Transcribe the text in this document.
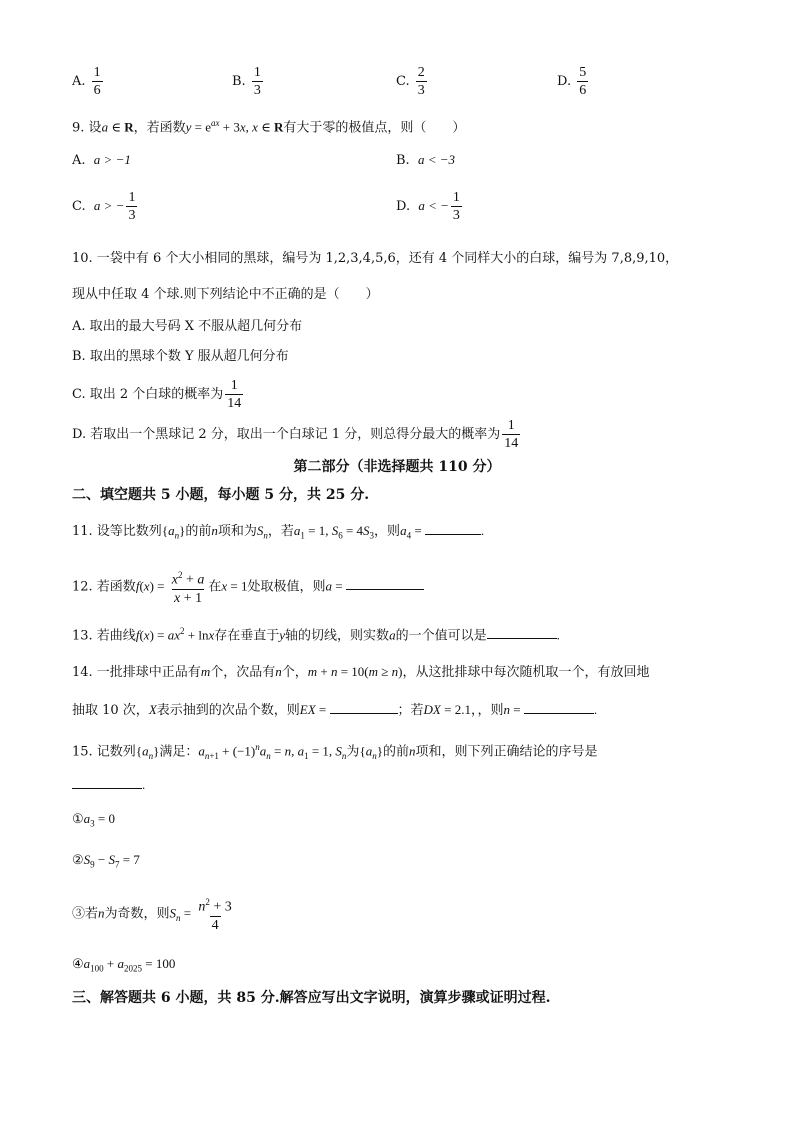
A. $\frac{1}{6}$	B. $\frac{1}{3}$	C. $\frac{2}{3}$	D. $\frac{5}{6}$
9. 设a ∈ R，若函数$y = e^{ax} + 3x$, x ∈ R有大于零的极值点，则（　　）
A. a > −1	B. a < −3
C. a > − $\frac{1}{3}$	D. a < − $\frac{1}{3}$
10. 一袋中有 6 个大小相同的黑球，编号为 1,2,3,4,5,6，还有 4 个同样大小的白球，编号为 7,8,9,10，
现从中任取 4 个球.则下列结论中不正确的是（　　）
A. 取出的最大号码 X 不服从超几何分布
B. 取出的黑球个数 Y 服从超几何分布
C. 取出 2 个白球的概率为 $\frac{1}{14}$
D. 若取出一个黑球记 2 分，取出一个白球记 1 分，则总得分最大的概率为 $\frac{1}{14}$
第二部分（非选择题共 110 分）
二、填空题共 5 小题，每小题 5 分，共 25 分.
11. 设等比数列$\{a_n\}$的前n项和为$S_n$，若$a_1 = 1$, $S_6 = 4S_3$，则$a_4$ =	.
12. 若函数$f(x) = \frac{x^2 + a}{x + 1}$ 在x = 1处取极值，则a =
13. 若曲线$f(x) = ax^2 + \ln x$存在垂直于y轴的切线，则实数a的一个值可以是	.
14. 一批排球中正品有m个，次品有n个，m + n = 10(m ≥ n)，从这批排球中每次随机取一个，有放回地
抽取 10 次，X表示抽到的次品个数，则EX =	；若DX = 2.1，，则n =	.
15. 记数列$\{a_n\}$满足：$a_{n+1} + (-1)^na_n = n$, $a_1 = 1$, $S_n$为$\{a_n\}$的前n项和，则下列正确结论的序号是
.
$①a_3 = 0$
$②S_9 - S_7 = 7$
③若n为奇数，则$S_n = \frac{n^2 + 3}{4}$
$④a_{100} + a_{2025} = 100$
三、解答题共 6 小题，共 85 分.解答应写出文字说明，演算步骤或证明过程.
